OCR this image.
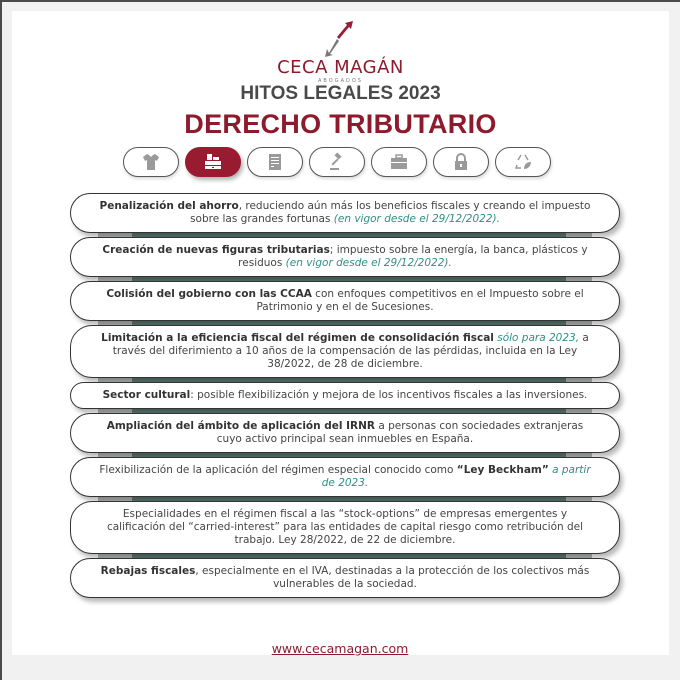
CECA MAGÁN
ABOGADOS
HITOS LEGALES 2023
DERECHO TRIBUTARIO
Penalización del ahorro, reduciendo aún más los beneficios fiscales y creando el impuesto sobre las grandes fortunas (en vigor desde el 29/12/2022).
Creación de nuevas figuras tributarias; impuesto sobre la energía, la banca, plásticos y residuos (en vigor desde el 29/12/2022).
Colisión del gobierno con las CCAA con enfoques competitivos en el Impuesto sobre el Patrimonio y en el de Sucesiones.
Limitación a la eficiencia fiscal del régimen de consolidación fiscal sólo para 2023, a través del diferimiento a 10 años de la compensación de las pérdidas, incluida en la Ley 38/2022, de 28 de diciembre.
Sector cultural: posible flexibilización y mejora de los incentivos fiscales a las inversiones.
Ampliación del ámbito de aplicación del IRNR a personas con sociedades extranjeras cuyo activo principal sean inmuebles en España.
Flexibilización de la aplicación del régimen especial conocido como “Ley Beckham” a partir de 2023.
Especialidades en el régimen fiscal a las “stock-options” de empresas emergentes y calificación del “carried-interest” para las entidades de capital riesgo como retribución del trabajo. Ley 28/2022, de 22 de diciembre.
Rebajas fiscales, especialmente en el IVA, destinadas a la protección de los colectivos más vulnerables de la sociedad.
www.cecamagan.com
